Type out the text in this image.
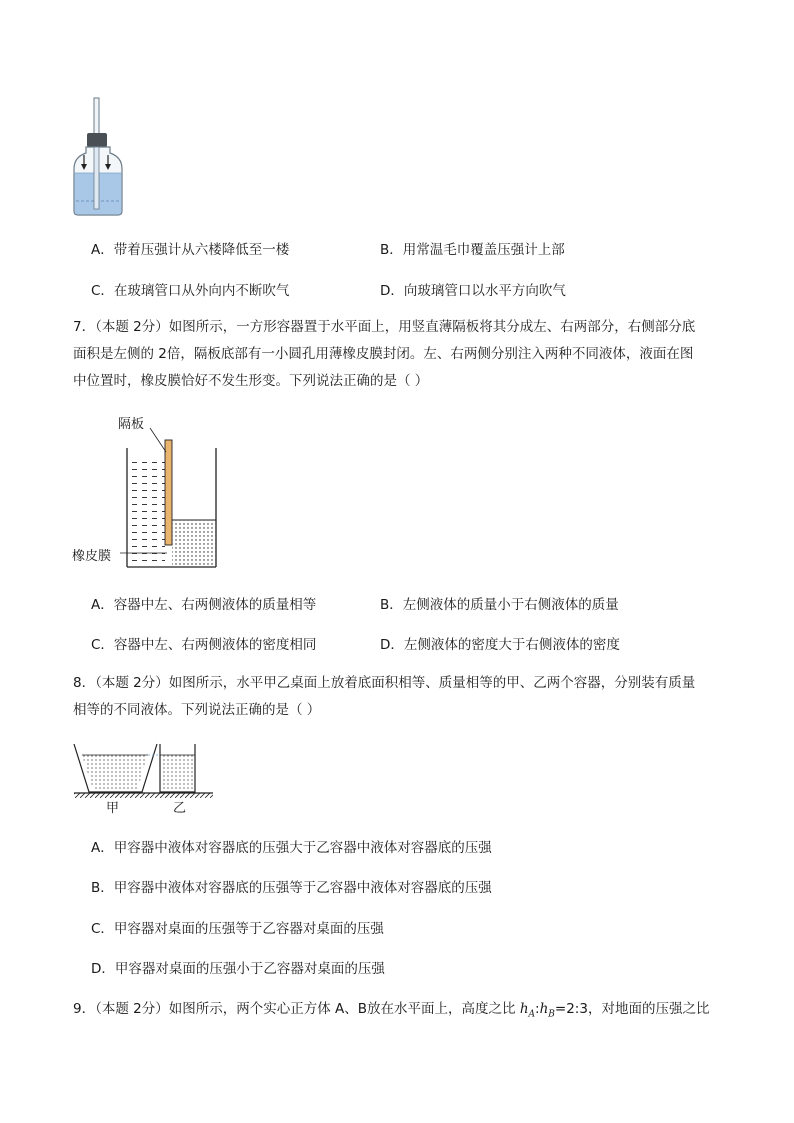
A．带着压强计从六楼降低至一楼	B．用常温毛巾覆盖压强计上部
C．在玻璃管口从外向内不断吹气	D．向玻璃管口以水平方向吹气
7．（本题 2分）如图所示，一方形容器置于水平面上，用竖直薄隔板将其分成左、右两部分，右侧部分底
面积是左侧的 2倍，隔板底部有一小圆孔用薄橡皮膜封闭。左、右两侧分别注入两种不同液体，液面在图
中位置时，橡皮膜恰好不发生形变。下列说法正确的是（ ）
隔板
橡皮膜
A．容器中左、右两侧液体的质量相等	B．左侧液体的质量小于右侧液体的质量
C．容器中左、右两侧液体的密度相同	D．左侧液体的密度大于右侧液体的密度
8．（本题 2分）如图所示，水平甲乙桌面上放着底面积相等、质量相等的甲、乙两个容器，分别装有质量
相等的不同液体。下列说法正确的是（ ）
甲	乙
A．甲容器中液体对容器底的压强大于乙容器中液体对容器底的压强
B．甲容器中液体对容器底的压强等于乙容器中液体对容器底的压强
C．甲容器对桌面的压强等于乙容器对桌面的压强
D．甲容器对桌面的压强小于乙容器对桌面的压强
9．（本题 2分）如图所示，两个实心正方体 A、B放在水平面上，高度之比 $h_A:h_B=2:3$，对地面的压强之比
